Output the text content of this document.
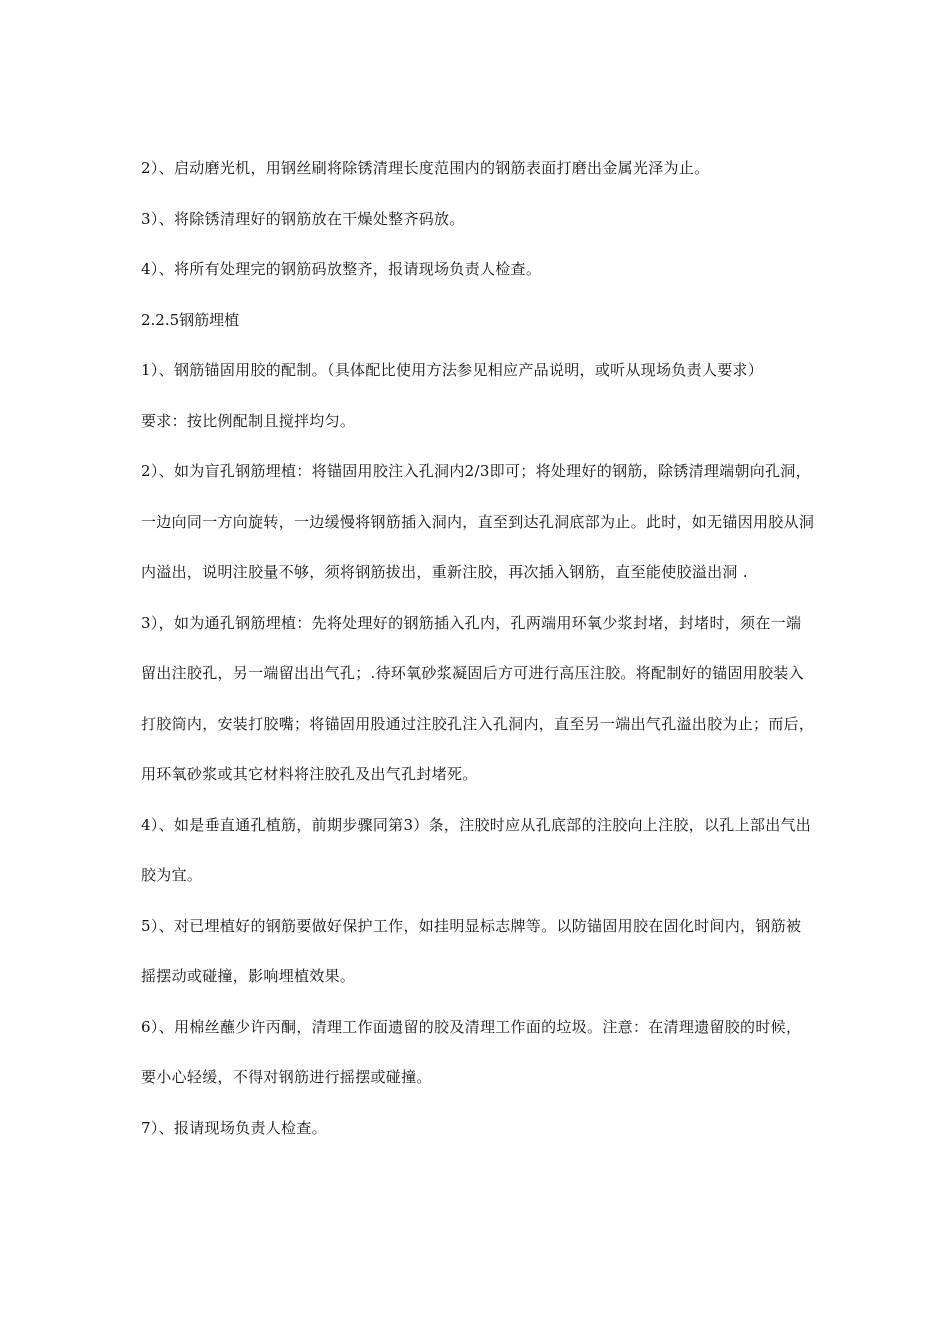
2）、启动磨光机，用钢丝刷将除锈清理长度范围内的钢筋表面打磨出金属光泽为止。

3）、将除锈清理好的钢筋放在干燥处整齐码放。

4）、将所有处理完的钢筋码放整齐，报请现场负责人检查。

2.2.5钢筋埋植

1）、钢筋锚固用胶的配制。（具体配比使用方法参见相应产品说明，或听从现场负责人要求）

要求：按比例配制且搅拌均匀。

2）、如为盲孔钢筋埋植：将锚固用胶注入孔洞内2/3即可；将处理好的钢筋，除锈清理端朝向孔洞，一边向同一方向旋转，一边缓慢将钢筋插入洞内，直至到达孔洞底部为止。此时，如无锚因用胶从洞内溢出，说明注胶量不够，须将钢筋拔出，重新注胶，再次插入钢筋，直至能使胶溢出洞 .

3），如为通孔钢筋埋植：先将处理好的钢筋插入孔内，孔两端用环氧少浆封堵，封堵时，须在一端留出注胶孔，另一端留出出气孔；.待环氧砂浆凝固后方可进行高压注胶。将配制好的锚固用胶装入打胶筒内，安装打胶嘴；将锚固用股通过注胶孔注入孔洞内，直至另一端出气孔溢出胶为止；而后，用环氧砂浆或其它材料将注胶孔及出气孔封堵死。

4）、如是垂直通孔植筋，前期步骤同第3）条，注胶时应从孔底部的注胶向上注胶，以孔上部出气出胶为宜。

5）、对已埋植好的钢筋要做好保护工作，如挂明显标志牌等。以防锚固用胶在固化时间内，钢筋被摇摆动或碰撞，影响埋植效果。

6）、用棉丝蘸少许丙酮，清理工作面遗留的胶及清理工作面的垃圾。注意：在清理遗留胶的时候，要小心轻缓，不得对钢筋进行摇摆或碰撞。

7）、报请现场负责人检查。
